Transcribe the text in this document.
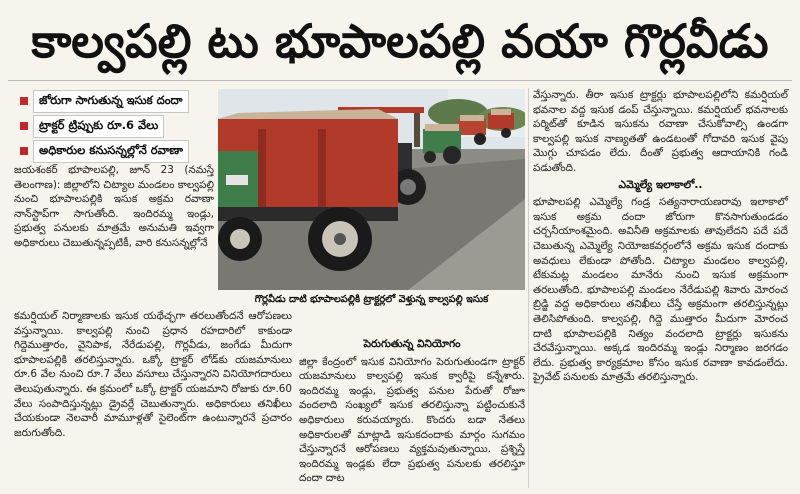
కాల్వపల్లి టు భూపాలపల్లి వయా గొర్లవీడు
జోరుగా సాగుతున్న ఇసుక దందా
ట్రాక్టర్ ట్రిప్పుకు రూ.6 వేలు
అధికారుల కనుసన్నల్లోనే రవాణా
గొర్లవీడు దాటి భూపాలపల్లికి ట్రాక్టర్లలో వెళ్తున్న కాల్వపల్లి ఇసుక

జయశంకర్ భూపాలపల్లి, జూన్ 23 (నమస్తే తెలంగాణ): జిల్లాలోని చిట్యాల మండలం కాల్వపల్లి నుంచి భూపాలపల్లికి ఇసుక అక్రమ రవాణా నాన్‌స్టాప్‌గా సాగుతోంది. ఇందిరమ్మ ఇండ్లు, ప్రభుత్వ పనులకు మాత్రమే అనుమతి ఇవ్వగా అధికారులు చెబుతున్నప్పటికీ, వారి కనుసన్నల్లోనే

కమర్షియల్ నిర్మాణాలకు ఇసుక యథేచ్ఛగా తరలుతోందనే ఆరోపణలు వస్తున్నాయి. కాల్వపల్లి నుంచి ప్రధాన రహదారిలో కాకుండా గిద్దెముత్తారం, వైనిపాక, నేరేడుపల్లి, గొర్లవీడు, జంగేడు మీదుగా భూపాలపల్లికి తరలిస్తున్నారు. ఒక్కో ట్రాక్టర్ లోడ్‌కు యజమానులు రూ.6 వేల నుంచి రూ.7 వేలు వసూలు చేస్తున్నారని వినియోగదారులు తెలుపుతున్నారు. ఈ క్రమంలో ఒక్కో ట్రాక్టర్ యజమాని రోజుకు రూ.60 వేలు సంపాదిస్తున్నట్లు డ్రైవర్లే చెబుతున్నారు. అధికారులు తనిఖీలు చేయకుండా నెలవారీ మామూళ్లతో సైలెంట్‌గా ఉంటున్నారనే ప్రచారం జరుగుతోంది.

పెరుగుతున్న వినియోగం

జిల్లా కేంద్రంలో ఇసుక వినియోగం పెరుగుతుండగా ట్రాక్టర్ యజమానులు కాల్వపల్లి ఇసుక క్వారీపై కన్నేశారు. ఇందిరమ్మ ఇండ్లు, ప్రభుత్వ పనుల పేరుతో రోజూ వందలాది సంఖ్యలో ఇసుక తరలిస్తున్నా పట్టించుకునే అధికారులు కరువయ్యారు. కొందరు బడా నేతలు అధికారులతో మాట్లాడి ఇసుకదందాకు మార్గం సుగమం చేస్తున్నారనే ఆరోపణలు వ్యక్తమవుతున్నాయి. ప్రశ్నిస్తే ఇందిరమ్మ ఇండ్లకు లేదా ప్రభుత్వ పనులకు తరలిస్తూ దందా దాట

వేస్తున్నారు. తీరా ఇసుక ట్రాక్టర్లు భూపాలపల్లిలోని కమర్షియల్ భవనాల వద్ద ఇసుక డంప్ చేస్తున్నాయి. కమర్షియల్ భవనాలకు పర్మిట్‌తో కూడిన ఇసుకను రవాణా చేసుకోవాల్సి ఉండగా కాల్వపల్లి ఇసుక నాణ్యతతో ఉండటంతో గోదావరి ఇసుక వైపు మొగ్గు చూపడం లేదు. దీంతో ప్రభుత్వ ఆదాయానికి గండి పడుతోంది.

ఎమ్మెల్యే ఇలాకాలో..

భూపాలపల్లి ఎమ్మెల్యే గండ్ర సత్యనారాయణరావు ఇలాకాలో ఇసుక అక్రమ దందా జోరుగా కొనసాగుతుండడం చర్చనీయాంశమైంది. అవినీతి అక్రమాలకు తావులేదని పదే పదే చెబుతున్న ఎమ్మెల్యే నియోజకవర్గంలోనే అక్రమ ఇసుక దందాకు అవధులు లేకుండా పోతోంది. చిట్యాల మండలం కాల్వపల్లి, టేకుమట్ల మండలం మానేరు నుంచి ఇసుక అక్రమంగా తరలుతోంది. భూపాలపల్లి మండలం నేరేడుపల్లి శివారు మోరంచ బ్రిడ్జి వద్ద అధికారులు తనిఖీలు చేస్తే అక్రమంగా తరలిస్తున్నట్లు తెలిసిపోతుంది. కాల్వపల్లి, గిద్దె ముత్తారం మీదుగా మోరంచ దాటి భూపాలపల్లికి నిత్యం వందలాది ట్రాక్టర్లు ఇసుకను చేరవేస్తున్నాయి. అక్కడ ఇందిరమ్మ ఇండ్లు నిర్మాణం జరగడం లేదు. ప్రభుత్వ కార్యక్రమాల కోసం ఇసుక రవాణా కావడంలేదు. ప్రైవేట్ పనులకు మాత్రమే తరలిస్తున్నారు.
